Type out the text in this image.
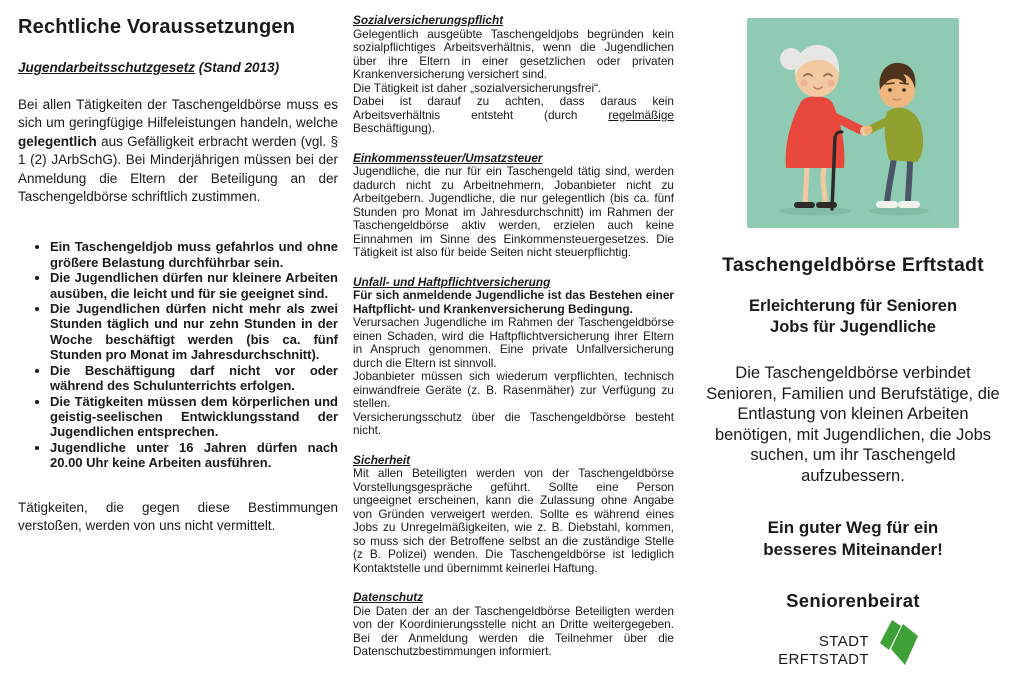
Rechtliche Voraussetzungen

Jugendarbeitsschutzgesetz (Stand 2013)

Bei allen Tätigkeiten der Taschengeldbörse muss es sich um geringfügige Hilfeleistungen handeln, welche gelegentlich aus Gefälligkeit erbracht werden (vgl. § 1 (2) JArbSchG). Bei Minderjährigen müssen bei der Anmeldung die Eltern der Beteiligung an der Taschengeldbörse schriftlich zustimmen.

• Ein Taschengeldjob muss gefahrlos und ohne größere Belastung durchführbar sein.
• Die Jugendlichen dürfen nur kleinere Arbeiten ausüben, die leicht und für sie geeignet sind.
• Die Jugendlichen dürfen nicht mehr als zwei Stunden täglich und nur zehn Stunden in der Woche beschäftigt werden (bis ca. fünf Stunden pro Monat im Jahresdurchschnitt).
• Die Beschäftigung darf nicht vor oder während des Schulunterrichts erfolgen.
• Die Tätigkeiten müssen dem körperlichen und geistig-seelischen Entwicklungsstand der Jugendlichen entsprechen.
• Jugendliche unter 16 Jahren dürfen nach 20.00 Uhr keine Arbeiten ausführen.

Tätigkeiten, die gegen diese Bestimmungen verstoßen, werden von uns nicht vermittelt.

Sozialversicherungspflicht

Gelegentlich ausgeübte Taschengeldjobs begründen kein sozialpflichtiges Arbeitsverhältnis, wenn die Jugendlichen über ihre Eltern in einer gesetzlichen oder privaten Krankenversicherung versichert sind.

Die Tätigkeit ist daher „sozialversicherungsfrei“.

Dabei ist darauf zu achten, dass daraus kein Arbeitsverhältnis entsteht (durch regelmäßige Beschäftigung).

Einkommenssteuer/Umsatzsteuer

Jugendliche, die nur für ein Taschengeld tätig sind, werden dadurch nicht zu Arbeitnehmern, Jobanbieter nicht zu Arbeitgebern. Jugendliche, die nur gelegentlich (bis ca. fünf Stunden pro Monat im Jahresdurchschnitt) im Rahmen der Taschengeldbörse aktiv werden, erzielen auch keine Einnahmen im Sinne des Einkommensteuergesetzes. Die Tätigkeit ist also für beide Seiten nicht steuerpflichtig.

Unfall- und Haftpflichtversicherung

Für sich anmeldende Jugendliche ist das Bestehen einer Haftpflicht- und Krankenversicherung Bedingung.

Verursachen Jugendliche im Rahmen der Taschengeldbörse einen Schaden, wird die Haftpflichtversicherung ihrer Eltern in Anspruch genommen. Eine private Unfallversicherung durch die Eltern ist sinnvoll.

Jobanbieter müssen sich wiederum verpflichten, technisch einwandfreie Geräte (z. B. Rasenmäher) zur Verfügung zu stellen.

Versicherungsschutz über die Taschengeldbörse besteht nicht.

Sicherheit

Mit allen Beteiligten werden von der Taschengeldbörse Vorstellungsgespräche geführt. Sollte eine Person ungeeignet erscheinen, kann die Zulassung ohne Angabe von Gründen verweigert werden. Sollte es während eines Jobs zu Unregelmäßigkeiten, wie z. B. Diebstahl, kommen, so muss sich der Betroffene selbst an die zuständige Stelle (z B. Polizei) wenden. Die Taschengeldbörse ist lediglich Kontaktstelle und übernimmt keinerlei Haftung.

Datenschutz

Die Daten der an der Taschengeldbörse Beteiligten werden von der Koordinierungsstelle nicht an Dritte weitergegeben. Bei der Anmeldung werden die Teilnehmer über die Datenschutzbestimmungen informiert.

Taschengeldbörse Erftstadt

Erleichterung für Senioren
Jobs für Jugendliche

Die Taschengeldbörse verbindet Senioren, Familien und Berufstätige, die Entlastung von kleinen Arbeiten benötigen, mit Jugendlichen, die Jobs suchen, um ihr Taschengeld aufzubessern.

Ein guter Weg für ein
besseres Miteinander!

Seniorenbeirat

STADT
ERFTSTADT
